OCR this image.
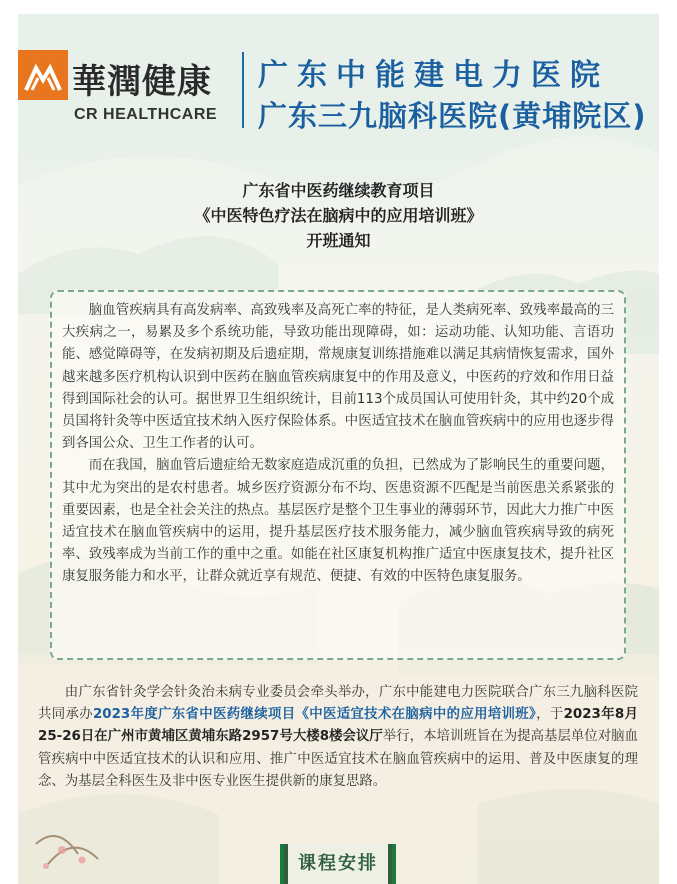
華潤健康
CR HEALTHCARE
广东中能建电力医院
广东三九脑科医院(黄埔院区)
广东省中医药继续教育项目
《中医特色疗法在脑病中的应用培训班》
开班通知

脑血管疾病具有高发病率、高致残率及高死亡率的特征，是人类病死率、致残率最高的三大疾病之一，易累及多个系统功能，导致功能出现障碍，如：运动功能、认知功能、言语功能、感觉障碍等，在发病初期及后遗症期，常规康复训练措施难以满足其病情恢复需求，国外越来越多医疗机构认识到中医药在脑血管疾病康复中的作用及意义，中医药的疗效和作用日益得到国际社会的认可。据世界卫生组织统计，目前113个成员国认可使用针灸，其中约20个成员国将针灸等中医适宜技术纳入医疗保险体系。中医适宜技术在脑血管疾病中的应用也逐步得到各国公众、卫生工作者的认可。

而在我国，脑血管后遗症给无数家庭造成沉重的负担，已然成为了影响民生的重要问题，其中尤为突出的是农村患者。城乡医疗资源分布不均、医患资源不匹配是当前医患关系紧张的重要因素，也是全社会关注的热点。基层医疗是整个卫生事业的薄弱环节，因此大力推广中医适宜技术在脑血管疾病中的运用，提升基层医疗技术服务能力，减少脑血管疾病导致的病死率、致残率成为当前工作的重中之重。如能在社区康复机构推广适宜中医康复技术，提升社区康复服务能力和水平，让群众就近享有规范、便捷、有效的中医特色康复服务。

由广东省针灸学会针灸治未病专业委员会牵头举办，广东中能建电力医院联合广东三九脑科医院共同承办2023年度广东省中医药继续项目《中医适宜技术在脑病中的应用培训班》，于2023年8月25-26日在广州市黄埔区黄埔东路2957号大楼8楼会议厅举行，本培训班旨在为提高基层单位对脑血管疾病中中医适宜技术的认识和应用、推广中医适宜技术在脑血管疾病中的运用、普及中医康复的理念、为基层全科医生及非中医专业医生提供新的康复思路。
课程安排
